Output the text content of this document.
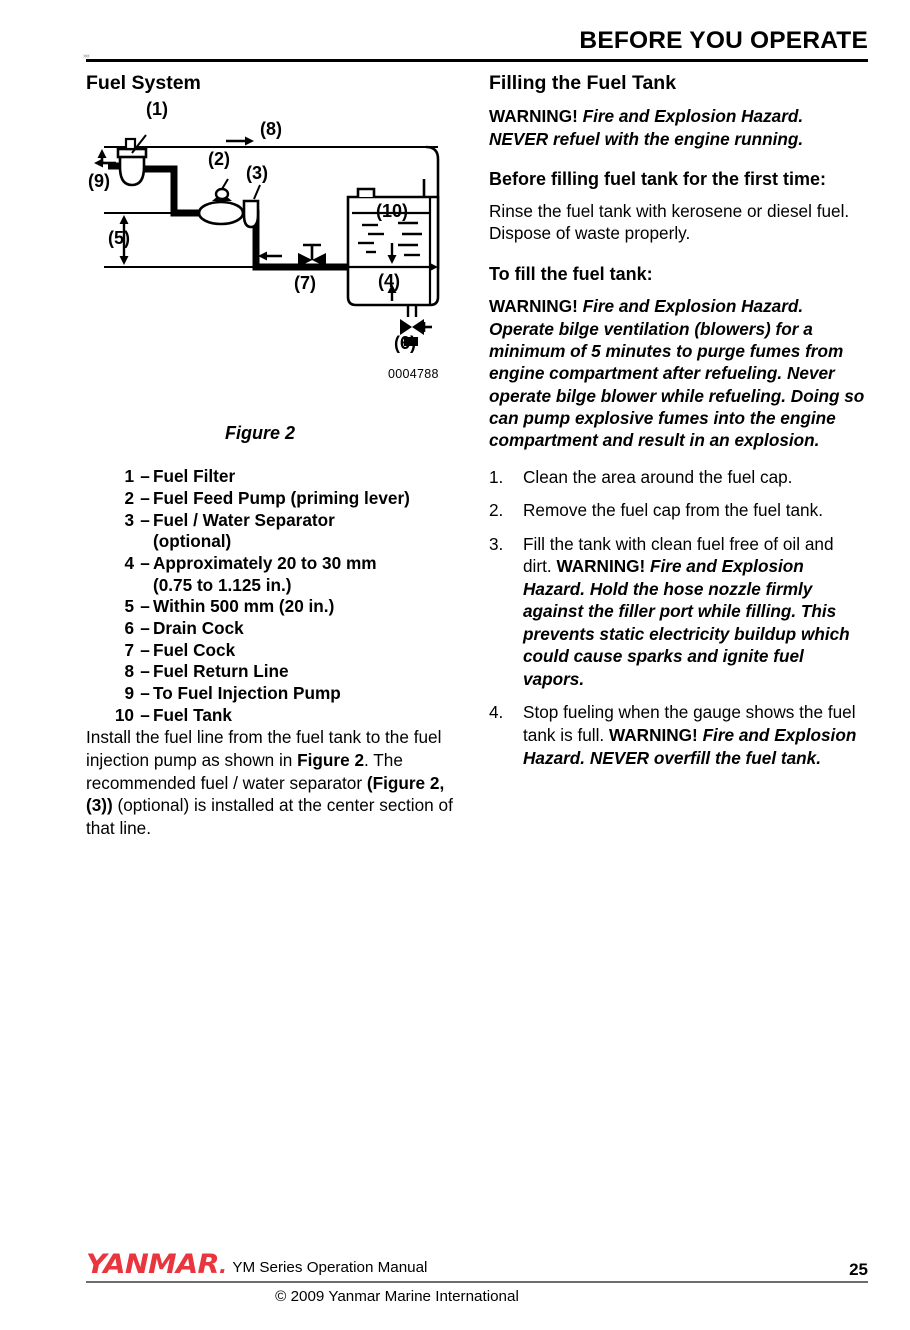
BEFORE YOU OPERATE
»«
Fuel System
(1)
(2)
(3)
(4)
(5)
(6)
(7)
(8)
(9)
(10)
0004788
Figure 2
1 – Fuel Filter
2 – Fuel Feed Pump (priming lever)
3 – Fuel / Water Separator
(optional)
4 – Approximately 20 to 30 mm
(0.75 to 1.125 in.)
5 – Within 500 mm (20 in.)
6 – Drain Cock
7 – Fuel Cock
8 – Fuel Return Line
9 – To Fuel Injection Pump
10 – Fuel Tank

Install the fuel line from the fuel tank to the fuel injection pump as shown in Figure 2. The recommended fuel / water separator (Figure 2, (3)) (optional) is installed at the center section of that line.

Filling the Fuel Tank

WARNING! Fire and Explosion Hazard. NEVER refuel with the engine running.

Before filling fuel tank for the first time:

Rinse the fuel tank with kerosene or diesel fuel. Dispose of waste properly.

To fill the fuel tank:

WARNING! Fire and Explosion Hazard. Operate bilge ventilation (blowers) for a minimum of 5 minutes to purge fumes from engine compartment after refueling. Never operate bilge blower while refueling. Doing so can pump explosive fumes into the engine compartment and result in an explosion.

1.	Clean the area around the fuel cap.
2.	Remove the fuel cap from the fuel tank.
3.	Fill the tank with clean fuel free of oil and dirt. WARNING! Fire and Explosion Hazard. Hold the hose nozzle firmly against the filler port while filling. This prevents static electricity buildup which could cause sparks and ignite fuel vapors.
4.	Stop fueling when the gauge shows the fuel tank is full. WARNING! Fire and Explosion Hazard. NEVER overfill the fuel tank.
YANMAR. YM Series Operation Manual	25
© 2009 Yanmar Marine International
